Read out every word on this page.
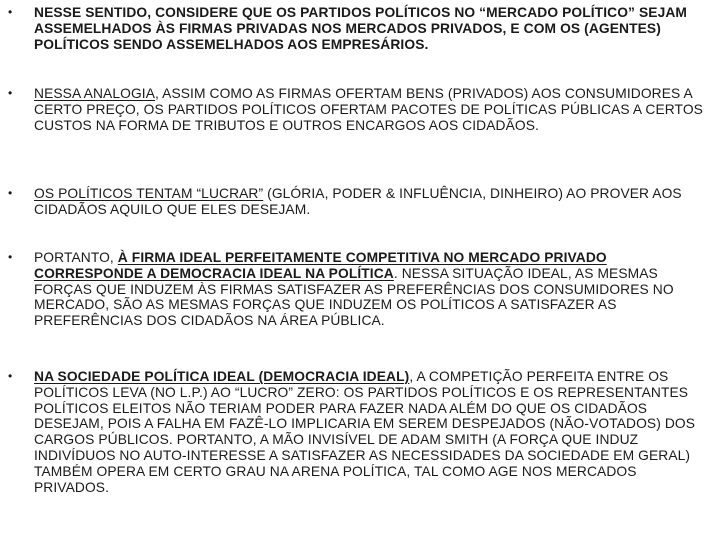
• NESSE SENTIDO, CONSIDERE QUE OS PARTIDOS POLÍTICOS NO “MERCADO POLÍTICO” SEJAM ASSEMELHADOS ÀS FIRMAS PRIVADAS NOS MERCADOS PRIVADOS, E COM OS (AGENTES) POLÍTICOS SENDO ASSEMELHADOS AOS EMPRESÁRIOS.
• NESSA ANALOGIA, ASSIM COMO AS FIRMAS OFERTAM BENS (PRIVADOS) AOS CONSUMIDORES A CERTO PREÇO, OS PARTIDOS POLÍTICOS OFERTAM PACOTES DE POLÍTICAS PÚBLICAS A CERTOS CUSTOS NA FORMA DE TRIBUTOS E OUTROS ENCARGOS AOS CIDADÃOS.
• OS POLÍTICOS TENTAM “LUCRAR” (GLÓRIA, PODER & INFLUÊNCIA, DINHEIRO) AO PROVER AOS CIDADÃOS AQUILO QUE ELES DESEJAM.
• PORTANTO, À FIRMA IDEAL PERFEITAMENTE COMPETITIVA NO MERCADO PRIVADO CORRESPONDE A DEMOCRACIA IDEAL NA POLÍTICA. NESSA SITUAÇÃO IDEAL, AS MESMAS FORÇAS QUE INDUZEM ÀS FIRMAS SATISFAZER AS PREFERÊNCIAS DOS CONSUMIDORES NO MERCADO, SÃO AS MESMAS FORÇAS QUE INDUZEM OS POLÍTICOS A SATISFAZER AS PREFERÊNCIAS DOS CIDADÃOS NA ÁREA PÚBLICA.
• NA SOCIEDADE POLÍTICA IDEAL (DEMOCRACIA IDEAL), A COMPETIÇÃO PERFEITA ENTRE OS POLÍTICOS LEVA (NO L.P.) AO “LUCRO” ZERO: OS PARTIDOS POLÍTICOS E OS REPRESENTANTES POLÍTICOS ELEITOS NÃO TERIAM PODER PARA FAZER NADA ALÉM DO QUE OS CIDADÃOS DESEJAM, POIS A FALHA EM FAZÊ-LO IMPLICARIA EM SEREM DESPEJADOS (NÃO-VOTADOS) DOS CARGOS PÚBLICOS. PORTANTO, A MÃO INVISÍVEL DE ADAM SMITH (A FORÇA QUE INDUZ INDIVÍDUOS NO AUTO-INTERESSE A SATISFAZER AS NECESSIDADES DA SOCIEDADE EM GERAL) TAMBÉM OPERA EM CERTO GRAU NA ARENA POLÍTICA, TAL COMO AGE NOS MERCADOS PRIVADOS.
